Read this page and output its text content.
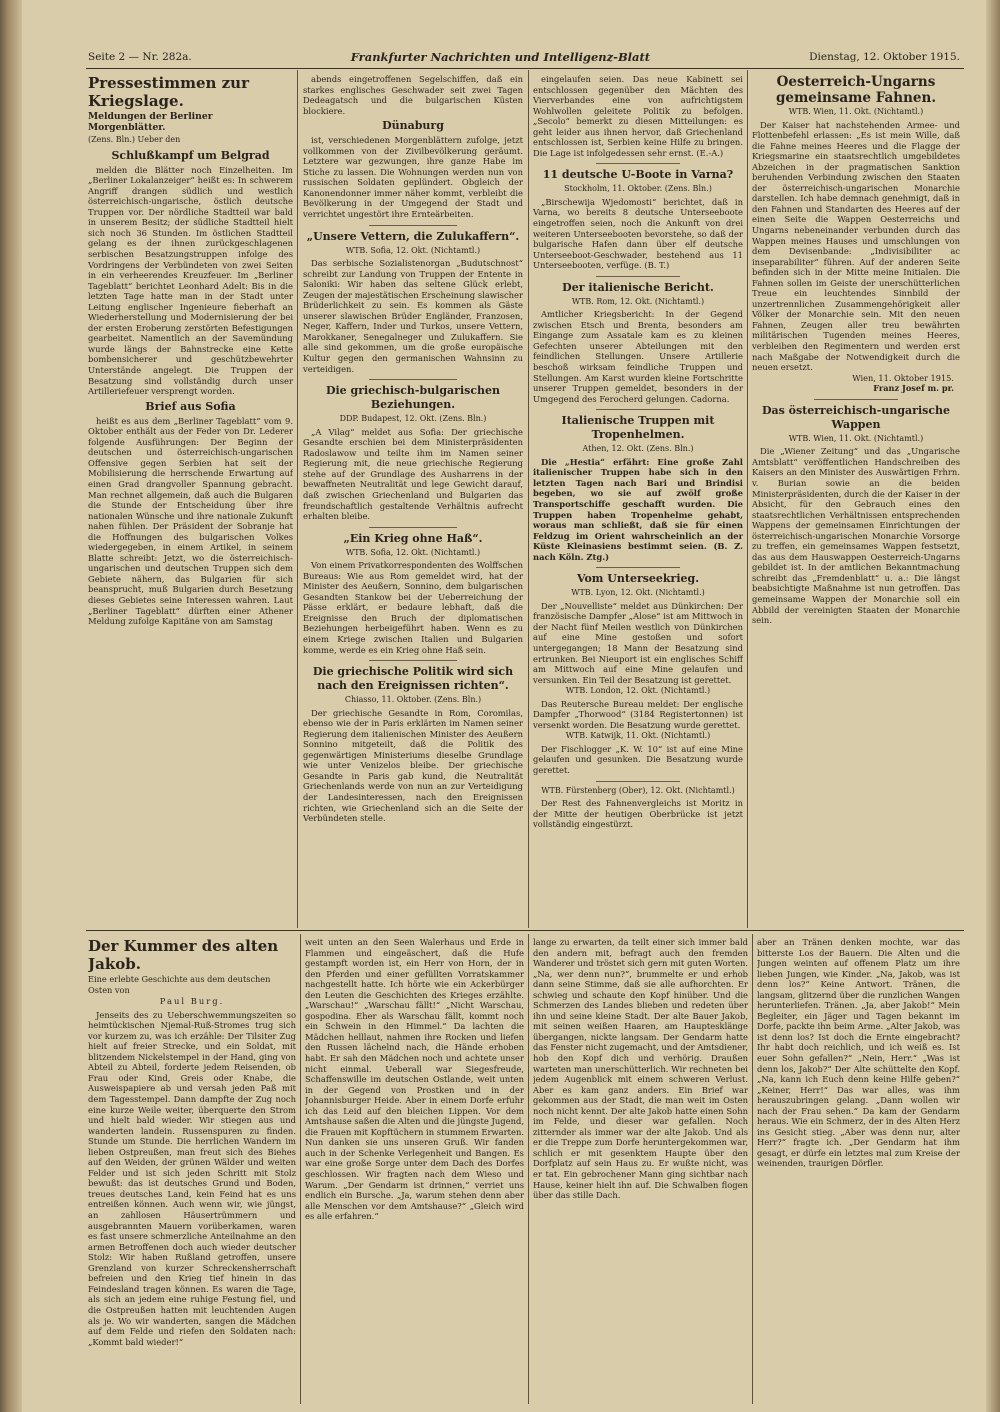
Seite 2 — Nr. 282a.	Frankfurter Nachrichten und Intelligenz-Blatt	Dienstag, 12. Oktober 1915.
Pressestimmen zur Kriegslage.
Meldungen der Berliner Morgenblätter.
(Zens. Bln.) Ueber den
Schlußkampf um Belgrad

melden die Blätter noch Einzelheiten. Im „Berliner Lokalanzeiger“ heißt es: In schwerem Angriff drangen südlich und westlich österreichisch-ungarische, östlich deutsche Truppen vor. Der nördliche Stadtteil war bald in unserem Besitz; der südliche Stadtteil hielt sich noch 36 Stunden. Im östlichen Stadtteil gelang es der ihnen zurückgeschlagenen serbischen Besatzungstruppen infolge des Vordringens der Verbündeten von zwei Seiten in ein verheerendes Kreuzfeuer. Im „Berliner Tageblatt“ berichtet Leonhard Adelt: Bis in die letzten Tage hatte man in der Stadt unter Leitung englischer Ingenieure fieberhaft an Wiederherstellung und Modernisierung der bei der ersten Eroberung zerstörten Befestigungen gearbeitet. Namentlich an der Savemündung wurde längs der Bahnstrecke eine Kette bombensicherer und geschützbewehrter Unterstände angelegt. Die Truppen der Besatzung sind vollständig durch unser Artilleriefeuer versprengt worden.

Brief aus Sofia

heißt es aus dem „Berliner Tageblatt“ vom 9. Oktober enthält aus der Feder von Dr. Lederer folgende Ausführungen: Der Beginn der deutschen und österreichisch-ungarischen Offensive gegen Serbien hat seit der Mobilisierung die herrschende Erwartung auf einen Grad drangvoller Spannung gebracht. Man rechnet allgemein, daß auch die Bulgaren die Stunde der Entscheidung über ihre nationalen Wünsche und ihre nationale Zukunft nahen fühlen. Der Präsident der Sobranje hat die Hoffnungen des bulgarischen Volkes wiedergegeben, in einem Artikel, in seinem Blatte schreibt: Jetzt, wo die österreichisch-ungarischen und deutschen Truppen sich dem Gebiete nähern, das Bulgarien für sich beansprucht, muß Bulgarien durch Besetzung dieses Gebietes seine Interessen wahren. Laut „Berliner Tageblatt“ dürften einer Athener Meldung zufolge Kapitäne von am Samstag

abends eingetroffenen Segelschiffen, daß ein starkes englisches Geschwader seit zwei Tagen Dedeagatsch und die bulgarischen Küsten blockiere.

Dünaburg

ist, verschiedenen Morgenblättern zufolge, jetzt vollkommen von der Zivilbevölkerung geräumt. Letztere war gezwungen, ihre ganze Habe im Stiche zu lassen. Die Wohnungen werden nun von russischen Soldaten geplündert. Obgleich der Kanonendonner immer näher kommt, verbleibt die Bevölkerung in der Umgegend der Stadt und verrichtet ungestört ihre Ernteärbeiten.

„Unsere Vettern, die Zulukaffern“.
WTB. Sofia, 12. Okt. (Nichtamtl.)

Das serbische Sozialistenorgan „Budutschnost“ schreibt zur Landung von Truppen der Entente in Saloniki: Wir haben das seltene Glück erlebt, Zeugen der majestätischen Erscheinung slawischer Brüderlichkeit zu sein. Es kommen als Gäste unserer slawischen Brüder Engländer, Franzosen, Neger, Kaffern, Inder und Turkos, unsere Vettern, Marokkaner, Senegalneger und Zulukaffern. Sie alle sind gekommen, um die große europäische Kultur gegen den germanischen Wahnsinn zu verteidigen.

Die griechisch-bulgarischen Beziehungen.
DDP. Budapest, 12. Okt. (Zens. Bln.)

„A Vilag“ meldet aus Sofia: Der griechische Gesandte erschien bei dem Ministerpräsidenten Radoslawow und teilte ihm im Namen seiner Regierung mit, die neue griechische Regierung stehe auf der Grundlage des Ausharrens in der bewaffneten Neutralität und lege Gewicht darauf, daß zwischen Griechenland und Bulgarien das freundschaftlich gestaltende Verhältnis aufrecht erhalten bleibe.

„Ein Krieg ohne Haß“.
WTB. Sofia, 12. Okt. (Nichtamtl.)

Von einem Privatkorrespondenten des Wolffschen Bureaus: Wie aus Rom gemeldet wird, hat der Minister des Aeußern, Sonnino, dem bulgarischen Gesandten Stankow bei der Ueberreichung der Pässe erklärt, er bedaure lebhaft, daß die Ereignisse den Bruch der diplomatischen Beziehungen herbeigeführt haben. Wenn es zu einem Kriege zwischen Italien und Bulgarien komme, werde es ein Krieg ohne Haß sein.

Die griechische Politik wird sich nach den Ereignissen richten“.
Chiasso, 11. Oktober. (Zens. Bln.)

Der griechische Gesandte in Rom, Coromilas, ebenso wie der in Paris erklärten im Namen seiner Regierung dem italienischen Minister des Aeußern Sonnino mitgeteilt, daß die Politik des gegenwärtigen Ministeriums dieselbe Grundlage wie unter Venizelos bleibe. Der griechische Gesandte in Paris gab kund, die Neutralität Griechenlands werde von nun an zur Verteidigung der Landesinteressen, nach den Ereignissen richten, wie Griechenland sich an die Seite der Verbündeten stelle.

eingelaufen seien. Das neue Kabinett sei entschlossen gegenüber den Mächten des Vierverbandes eine von aufrichtigstem Wohlwollen geleitete Politik zu befolgen. „Secolo“ bemerkt zu diesen Mitteilungen: es geht leider aus ihnen hervor, daß Griechenland entschlossen ist, Serbien keine Hilfe zu bringen. Die Lage ist infolgedessen sehr ernst. (E.-A.)

11 deutsche U-Boote in Varna?
Stockholm, 11. Oktober. (Zens. Bln.)

„Birschewija Wjedomosti“ berichtet, daß in Varna, wo bereits 8 deutsche Unterseeboote eingetroffen seien, noch die Ankunft von drei weiteren Unterseebooten bevorstehe, so daß der bulgarische Hafen dann über elf deutsche Unterseeboot-Geschwader, bestehend aus 11 Unterseebooten, verfüge. (B. T.)

Der italienische Bericht.
WTB. Rom, 12. Okt. (Nichtamtl.)

Amtlicher Kriegsbericht: In der Gegend zwischen Etsch und Brenta, besonders am Eingange zum Assatale kam es zu kleinen Gefechten unserer Abteilungen mit den feindlichen Stellungen. Unsere Artillerie beschoß wirksam feindliche Truppen und Stellungen. Am Karst wurden kleine Fortschritte unserer Truppen gemeldet, besonders in der Umgegend des Ferocherd gelungen. Cadorna.

Italienische Truppen mit Tropenhelmen.
Athen, 12. Okt. (Zens. Bln.)

Die „Hestia“ erfährt: Eine große Zahl italienischer Truppen habe sich in den letzten Tagen nach Bari und Brindisi begeben, wo sie auf zwölf große Transportschiffe geschafft wurden. Die Truppen haben Tropenhelme gehabt, woraus man schließt, daß sie für einen Feldzug im Orient wahrscheinlich an der Küste Kleinasiens bestimmt seien. (B. Z. nach Köln. Ztg.)

Vom Unterseekrieg.
WTB. Lyon, 12. Okt. (Nichtamtl.)

Der „Nouvelliste“ meldet aus Dünkirchen: Der französische Dampfer „Alose“ ist am Mittwoch in der Nacht fünf Meilen westlich von Dünkirchen auf eine Mine gestoßen und sofort untergegangen; 18 Mann der Besatzung sind ertrunken. Bei Nieuport ist ein englisches Schiff am Mittwoch auf eine Mine gelaufen und versunken. Ein Teil der Besatzung ist gerettet.

WTB. London, 12. Okt. (Nichtamtl.)

Das Reutersche Bureau meldet: Der englische Dampfer „Thorwood“ (3184 Registertonnen) ist versenkt worden. Die Besatzung wurde gerettet.

WTB. Katwijk, 11. Okt. (Nichtamtl.)

Der Fischlogger „K. W. 10“ ist auf eine Mine gelaufen und gesunken. Die Besatzung wurde gerettet.

WTB. Fürstenberg (Ober), 12. Okt. (Nichtamtl.)

Der Rest des Fahnenvergleichs ist Moritz in der Mitte der heutigen Oberbrücke ist jetzt vollständig eingestürzt.

Oesterreich-Ungarns gemeinsame Fahnen.
WTB. Wien, 11. Okt. (Nichtamtl.)

Der Kaiser hat nachstehenden Armee- und Flottenbefehl erlassen: „Es ist mein Wille, daß die Fahne meines Heeres und die Flagge der Kriegsmarine ein staatsrechtlich umgebildetes Abzeichen in der pragmatischen Sanktion beruhenden Verbindung zwischen den Staaten der österreichisch-ungarischen Monarchie darstellen. Ich habe demnach genehmigt, daß in den Fahnen und Standarten des Heeres auf der einen Seite die Wappen Oesterreichs und Ungarns nebeneinander verbunden durch das Wappen meines Hauses und umschlungen von dem Devisenbande: „Indivisibiliter ac inseparabiliter“ führen. Auf der anderen Seite befinden sich in der Mitte meine Initialen. Die Fahnen sollen im Geiste der unerschütterlichen Treue ein leuchtendes Sinnbild der unzertrennlichen Zusammengehörigkeit aller Völker der Monarchie sein. Mit den neuen Fahnen, Zeugen aller treu bewährten militärischen Tugenden meines Heeres, verbleiben den Regimentern und werden erst nach Maßgabe der Notwendigkeit durch die neuen ersetzt.

Wien, 11. Oktober 1915.
Franz Josef m. pr.
Das österreichisch-ungarische Wappen
WTB. Wien, 11. Okt. (Nichtamtl.)

Die „Wiener Zeitung“ und das „Ungarische Amtsblatt“ veröffentlichen Handschreiben des Kaisers an den Minister des Auswärtigen Frhrn. v. Burian sowie an die beiden Ministerpräsidenten, durch die der Kaiser in der Absicht, für den Gebrauch eines den staatsrechtlichen Verhältnissen entsprechenden Wappens der gemeinsamen Einrichtungen der österreichisch-ungarischen Monarchie Vorsorge zu treffen, ein gemeinsames Wappen festsetzt, das aus dem Hauswappen Oesterreich-Ungarns gebildet ist. In der amtlichen Bekanntmachung schreibt das „Fremdenblatt“ u. a.: Die längst beabsichtigte Maßnahme ist nun getroffen. Das gemeinsame Wappen der Monarchie soll ein Abbild der vereinigten Staaten der Monarchie sein.

Der Kummer des alten Jakob.
Eine erlebte Geschichte aus dem deutschen Osten von
Paul Burg.

Jenseits des zu Ueberschwemmungszeiten so heimtückischen Njemal-Ruß-Stromes trug sich vor kurzem zu, was ich erzähle: Der Tilsiter Zug hielt auf freier Strecke, und ein Soldat, mit blitzendem Nickelstempel in der Hand, ging von Abteil zu Abteil, forderte jedem Reisenden, ob Frau oder Kind, Greis oder Knabe, die Ausweispapiere ab und versah jeden Paß mit dem Tagesstempel. Dann dampfte der Zug noch eine kurze Weile weiter, überquerte den Strom und hielt bald wieder. Wir stiegen aus und wanderten landein. Russenspuren zu finden. Stunde um Stunde. Die herrlichen Wandern im lieben Ostpreußen, man freut sich des Biehes auf den Weiden, der grünen Wälder und weiten Felder und ist sich jeden Schritt mit Stolz bewußt: das ist deutsches Grund und Boden, treues deutsches Land, kein Feind hat es uns entreißen können. Auch wenn wir, wie jüngst, an zahllosen Häusertrümmern und ausgebrannten Mauern vorüberkamen, waren es fast unsere schmerzliche Anteilnahme an den armen Betroffenen doch auch wieder deutscher Stolz: Wir haben Rußland getroffen, unsere Grenzland von kurzer Schreckensherrschaft befreien und den Krieg tief hinein in das Feindesland tragen können. Es waren die Tage, als sich an jedem eine ruhige Festung fiel, und die Ostpreußen hatten mit leuchtenden Augen als je. Wo wir wanderten, sangen die Mädchen auf dem Felde und riefen den Soldaten nach: „Kommt bald wieder!“

weit unten an den Seen Walerhaus und Erde in Flammen und eingeäschert, daß die Hufe gestampft worden ist, ein Herr von Horn, der in den Pferden und einer gefüllten Vorratskammer nachgestellt hatte. Ich hörte wie ein Ackerbürger den Leuten die Geschichten des Krieges erzählte. „Warschau!“ „Warschau fällt!“ „Nicht Warschau, gospodina. Eher als Warschau fällt, kommt noch ein Schwein in den Himmel.“ Da lachten die Mädchen helllaut, nahmen ihre Rocken und liefen den Russen lächelnd nach, die Hände erhoben habt. Er sah den Mädchen noch und achtete unser nicht einmal. Ueberall war Siegesfreude, Schaffenswille im deutschen Ostlande, weit unten in der Gegend von Prostken und in der Johannisburger Heide. Aber in einem Dorfe erfuhr ich das Leid auf den bleichen Lippen. Vor dem Amtshause saßen die Alten und die jüngste Jugend, die Frauen mit Kopftüchern in stummem Erwarten. Nun danken sie uns unseren Gruß. Wir fanden auch in der Schenke Verlegenheit und Bangen. Es war eine große Sorge unter dem Dach des Dorfes geschlossen. Wir fragten nach dem Wieso und Warum. „Der Gendarm ist drinnen,“ verriet uns endlich ein Bursche. „Ja, warum stehen denn aber alle Menschen vor dem Amtshause?“ „Gleich wird es alle erfahren.“

lange zu erwarten, da teilt einer sich immer bald den andern mit, befragt auch den fremden Wanderer und tröstet sich gern mit guten Worten. „Na, wer denn nun?“, brummelte er und erhob dann seine Stimme, daß sie alle aufhorchten. Er schwieg und schaute den Kopf hinüber. Und die Schmerzen des Landes blieben und redeten über ihn und seine kleine Stadt. Der alte Bauer Jakob, mit seinen weißen Haaren, am Hauptesklänge übergangen, nickte langsam. Der Gendarm hatte das Fenster nicht zugemacht, und der Amtsdiener, hob den Kopf dich und verhörig. Draußen warteten man unerschütterlich. Wir rechneten bei jedem Augenblick mit einem schweren Verlust. Aber es kam ganz anders. Ein Brief war gekommen aus der Stadt, die man weit im Osten noch nicht kennt. Der alte Jakob hatte einen Sohn im Felde, und dieser war gefallen. Noch zitternder als immer war der alte Jakob. Und als er die Treppe zum Dorfe heruntergekommen war, schlich er mit gesenktem Haupte über den Dorfplatz auf sein Haus zu. Er wußte nicht, was er tat. Ein gebrochener Mann ging sichtbar nach Hause, keiner hielt ihn auf. Die Schwalben flogen über das stille Dach.

aber an Tränen denken mochte, war das bitterste Los der Bauern. Die Alten und die Jungen weinten auf offenem Platz um ihre lieben Jungen, wie Kinder. „Na, Jakob, was ist denn los?“ Keine Antwort. Tränen, die langsam, glitzernd über die runzlichen Wangen herunterliefen. Tränen. „Ja, aber Jakob!“ Mein Begleiter, ein Jäger und Tagen bekannt im Dorfe, packte ihn beim Arme. „Alter Jakob, was ist denn los? Ist doch die Ernte eingebracht? Ihr habt doch reichlich, und ich weiß es. Ist euer Sohn gefallen?“ „Nein, Herr.“ „Was ist denn los, Jakob?“ Der Alte schüttelte den Kopf. „Na, kann ich Euch denn keine Hilfe geben?“ „Keiner, Herr!“ Das war alles, was ihm herauszubringen gelang. „Dann wollen wir nach der Frau sehen.“ Da kam der Gendarm heraus. Wie ein Schmerz, der in des Alten Herz ins Gesicht stieg. „Aber was denn nur, alter Herr?“ fragte ich. „Der Gendarm hat ihm gesagt, er dürfe ein letztes mal zum Kreise der weinenden, traurigen Dörfler.
